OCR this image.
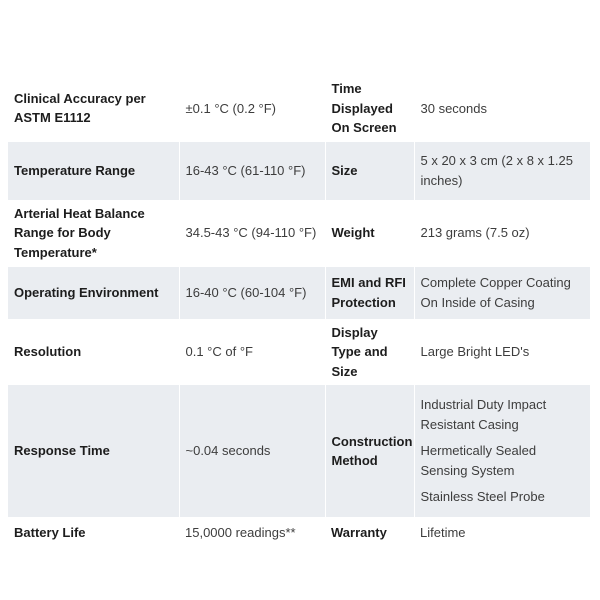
Clinical Accuracy per ASTM E1112	±0.1 °C (0.2 °F)	Time Displayed On Screen	30 seconds
Temperature Range	16-43 °C (61-110 °F)	Size	5 x 20 x 3 cm (2 x 8 x 1.25 inches)
Arterial Heat Balance Range for Body Temperature*	34.5-43 °C (94-110 °F)	Weight	213 grams (7.5 oz)
Operating Environment	16-40 °C (60-104 °F)	EMI and RFI Protection	Complete Copper Coating On Inside of Casing
Resolution	0.1 °C of °F	Display Type and Size	Large Bright LED's
Response Time	~0.04 seconds	Construction Method	Industrial Duty Impact Resistant Casing
Hermetically Sealed Sensing System
Stainless Steel Probe

Battery Life	15,0000 readings**	Warranty	Lifetime
